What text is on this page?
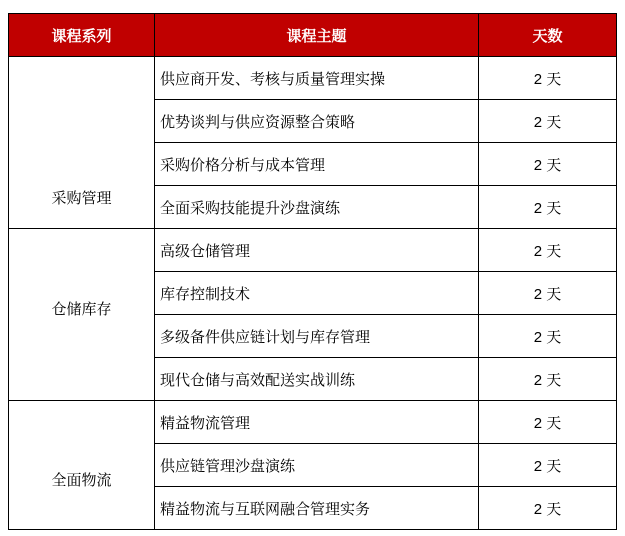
课程系列	课程主题	天数
采购管理	供应商开发、考核与质量管理实操	2 天
	优势谈判与供应资源整合策略	2 天
	采购价格分析与成本管理	2 天
	全面采购技能提升沙盘演练	2 天
仓储库存	高级仓储管理	2 天
	库存控制技术	2 天
	多级备件供应链计划与库存管理	2 天
	现代仓储与高效配送实战训练	2 天
全面物流	精益物流管理	2 天
	供应链管理沙盘演练	2 天
	精益物流与互联网融合管理实务	2 天
